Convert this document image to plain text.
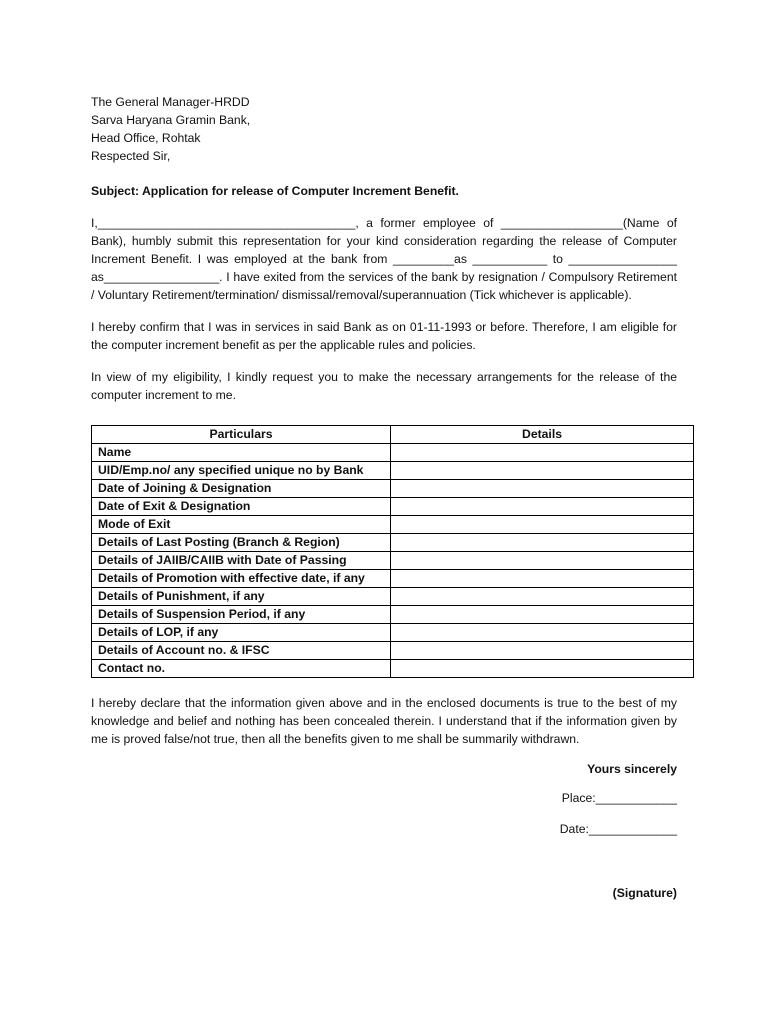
The General Manager-HRDD
Sarva Haryana Gramin Bank,
Head Office, Rohtak
Respected Sir,
Subject: Application for release of Computer Increment Benefit.
I,______________________________________, a former employee of __________________(Name of Bank), humbly submit this representation for your kind consideration regarding the release of Computer Increment Benefit. I was employed at the bank from _________as ___________ to ________________ as_________________. I have exited from the services of the bank by resignation / Compulsory Retirement / Voluntary Retirement/termination/ dismissal/removal/superannuation (Tick whichever is applicable).
I hereby confirm that I was in services in said Bank as on 01-11-1993 or before. Therefore, I am eligible for the computer increment benefit as per the applicable rules and policies.
In view of my eligibility, I kindly request you to make the necessary arrangements for the release of the computer increment to me.
Particulars	Details
Name	
UID/Emp.no/ any specified unique no by Bank	
Date of Joining & Designation	
Date of Exit & Designation	
Mode of Exit	
Details of Last Posting (Branch & Region)	
Details of JAIIB/CAIIB with Date of Passing	
Details of Promotion with effective date, if any	
Details of Punishment, if any	
Details of Suspension Period, if any	
Details of LOP, if any	
Details of Account no. & IFSC	
Contact no.	
I hereby declare that the information given above and in the enclosed documents is true to the best of my knowledge and belief and nothing has been concealed therein. I understand that if the information given by me is proved false/not true, then all the benefits given to me shall be summarily withdrawn.
Yours sincerely
Place:____________
Date:_____________
(Signature)
